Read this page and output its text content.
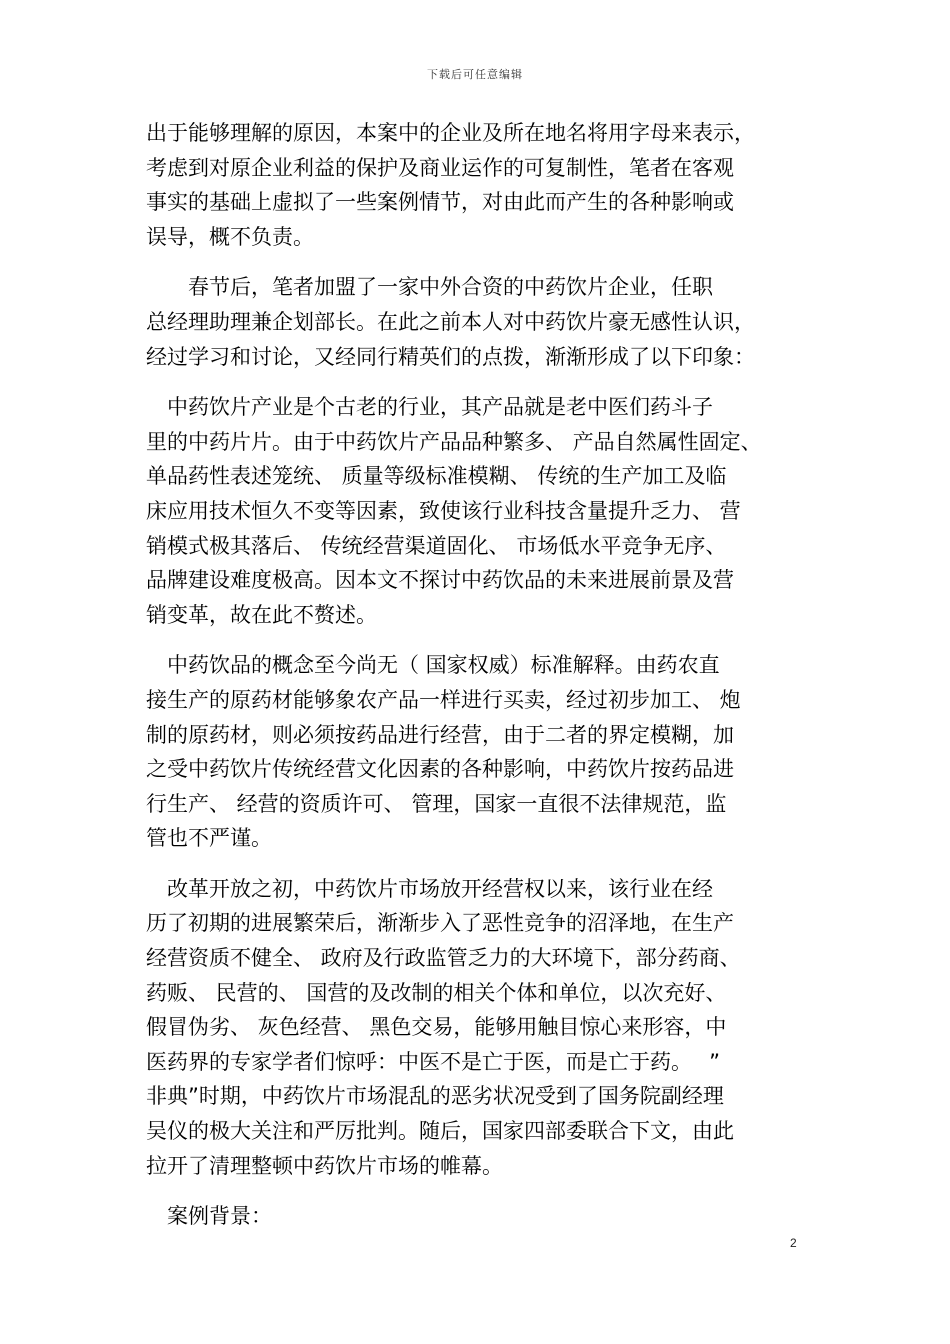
下载后可任意编辑

出于能够理解的原因，本案中的企业及所在地名将用字母来表示，
考虑到对原企业利益的保护及商业运作的可复制性，笔者在客观
事实的基础上虚拟了一些案例情节，对由此而产生的各种影响或
误导，概不负责。

　　春节后，笔者加盟了一家中外合资的中药饮片企业，任职
总经理助理兼企划部长。在此之前本人对中药饮片豪无感性认识，
经过学习和讨论，又经同行精英们的点拨，渐渐形成了以下印象：

　中药饮片产业是个古老的行业，其产品就是老中医们药斗子
里的中药片片。由于中药饮片产品品种繁多、 产品自然属性固定、
单品药性表述笼统、 质量等级标准模糊、 传统的生产加工及临
床应用技术恒久不变等因素，致使该行业科技含量提升乏力、 营
销模式极其落后、 传统经营渠道固化、 市场低水平竞争无序、
品牌建设难度极高。因本文不探讨中药饮品的未来进展前景及营
销变革，故在此不赘述。

　中药饮品的概念至今尚无（ 国家权威）标准解释。由药农直
接生产的原药材能够象农产品一样进行买卖，经过初步加工、 炮
制的原药材，则必须按药品进行经营，由于二者的界定模糊，加
之受中药饮片传统经营文化因素的各种影响，中药饮片按药品进
行生产、 经营的资质许可、 管理，国家一直很不法律规范，监
管也不严谨。

　改革开放之初，中药饮片市场放开经营权以来，该行业在经
历了初期的进展繁荣后，渐渐步入了恶性竞争的沼泽地，在生产
经营资质不健全、 政府及行政监管乏力的大环境下，部分药商、
药贩、 民营的、 国营的及改制的相关个体和单位，以次充好、
假冒伪劣、 灰色经营、 黑色交易，能够用触目惊心来形容，中
医药界的专家学者们惊呼：中医不是亡于医，而是亡于药。　 ”
非典”时期，中药饮片市场混乱的恶劣状况受到了国务院副经理
吴仪的极大关注和严厉批判。随后，国家四部委联合下文，由此
拉开了清理整顿中药饮片市场的帷幕。

　案例背景：

2
